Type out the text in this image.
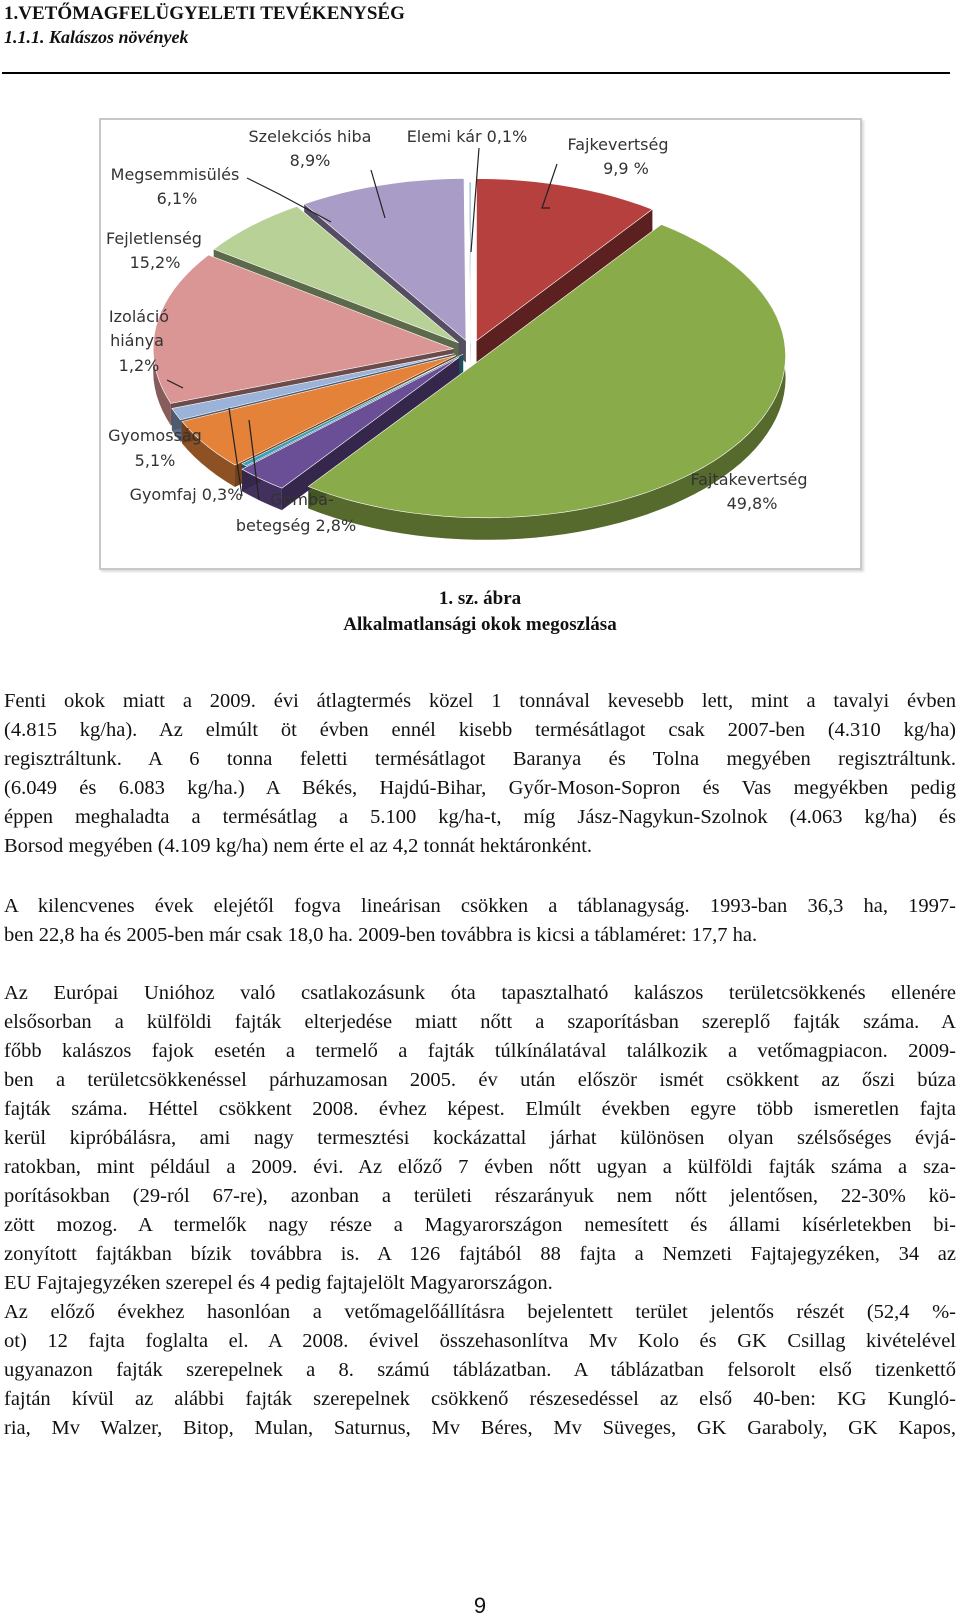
1.VETŐMAGFELÜGYELETI TEVÉKENYSÉG
1.1.1. Kalászos növények
Fajkevertség
9,9 %
Elemi kár 0,1%
Szelekciós hiba
8,9%
Megsemmisülés
6,1%
Fejletlenség
15,2%
Izoláció
hiánya
1,2%
Gyomosság
5,1%
Gyomfaj 0,3% Gomba-
betegség 2,8%
Fajtakevertség
49,8%
1. sz. ábra
Alkalmatlansági okok megoszlása
Fenti okok miatt a 2009. évi átlagtermés közel 1 tonnával kevesebb lett, mint a tavalyi évben
(4.815 kg/ha). Az elmúlt öt évben ennél kisebb termésátlagot csak 2007-ben (4.310 kg/ha)
regisztráltunk. A 6 tonna feletti termésátlagot Baranya és Tolna megyében regisztráltunk.
(6.049 és 6.083 kg/ha.) A Békés, Hajdú-Bihar, Győr-Moson-Sopron és Vas megyékben pedig
éppen meghaladta a termésátlag a 5.100 kg/ha-t, míg Jász-Nagykun-Szolnok (4.063 kg/ha) és
Borsod megyében (4.109 kg/ha) nem érte el az 4,2 tonnát hektáronként.
A kilencvenes évek elejétől fogva lineárisan csökken a táblanagyság. 1993-ban 36,3 ha, 1997-
ben 22,8 ha és 2005-ben már csak 18,0 ha. 2009-ben továbbra is kicsi a táblaméret: 17,7 ha.
Az Európai Unióhoz való csatlakozásunk óta tapasztalható kalászos területcsökkenés ellenére
elsősorban a külföldi fajták elterjedése miatt nőtt a szaporításban szereplő fajták száma. A
főbb kalászos fajok esetén a termelő a fajták túlkínálatával találkozik a vetőmagpiacon. 2009-
ben a területcsökkenéssel párhuzamosan 2005. év után először ismét csökkent az őszi búza
fajták száma. Héttel csökkent 2008. évhez képest. Elmúlt években egyre több ismeretlen fajta
kerül kipróbálásra, ami nagy termesztési kockázattal járhat különösen olyan szélsőséges évjá-
ratokban, mint például a 2009. évi. Az előző 7 évben nőtt ugyan a külföldi fajták száma a sza-
porításokban (29-ról 67-re), azonban a területi részarányuk nem nőtt jelentősen, 22-30% kö-
zött mozog. A termelők nagy része a Magyarországon nemesített és állami kísérletekben bi-
zonyított fajtákban bízik továbbra is. A 126 fajtából 88 fajta a Nemzeti Fajtajegyzéken, 34 az
EU Fajtajegyzéken szerepel és 4 pedig fajtajelölt Magyarországon.
Az előző évekhez hasonlóan a vetőmagelőállításra bejelentett terület jelentős részét (52,4 %-
ot) 12 fajta foglalta el. A 2008. évivel összehasonlítva Mv Kolo és GK Csillag kivételével
ugyanazon fajták szerepelnek a 8. számú táblázatban. A táblázatban felsorolt első tizenkettő
fajtán kívül az alábbi fajták szerepelnek csökkenő részesedéssel az első 40-ben: KG Kungló-
ria, Mv Walzer, Bitop, Mulan, Saturnus, Mv Béres, Mv Süveges, GK Garaboly, GK Kapos,
9
